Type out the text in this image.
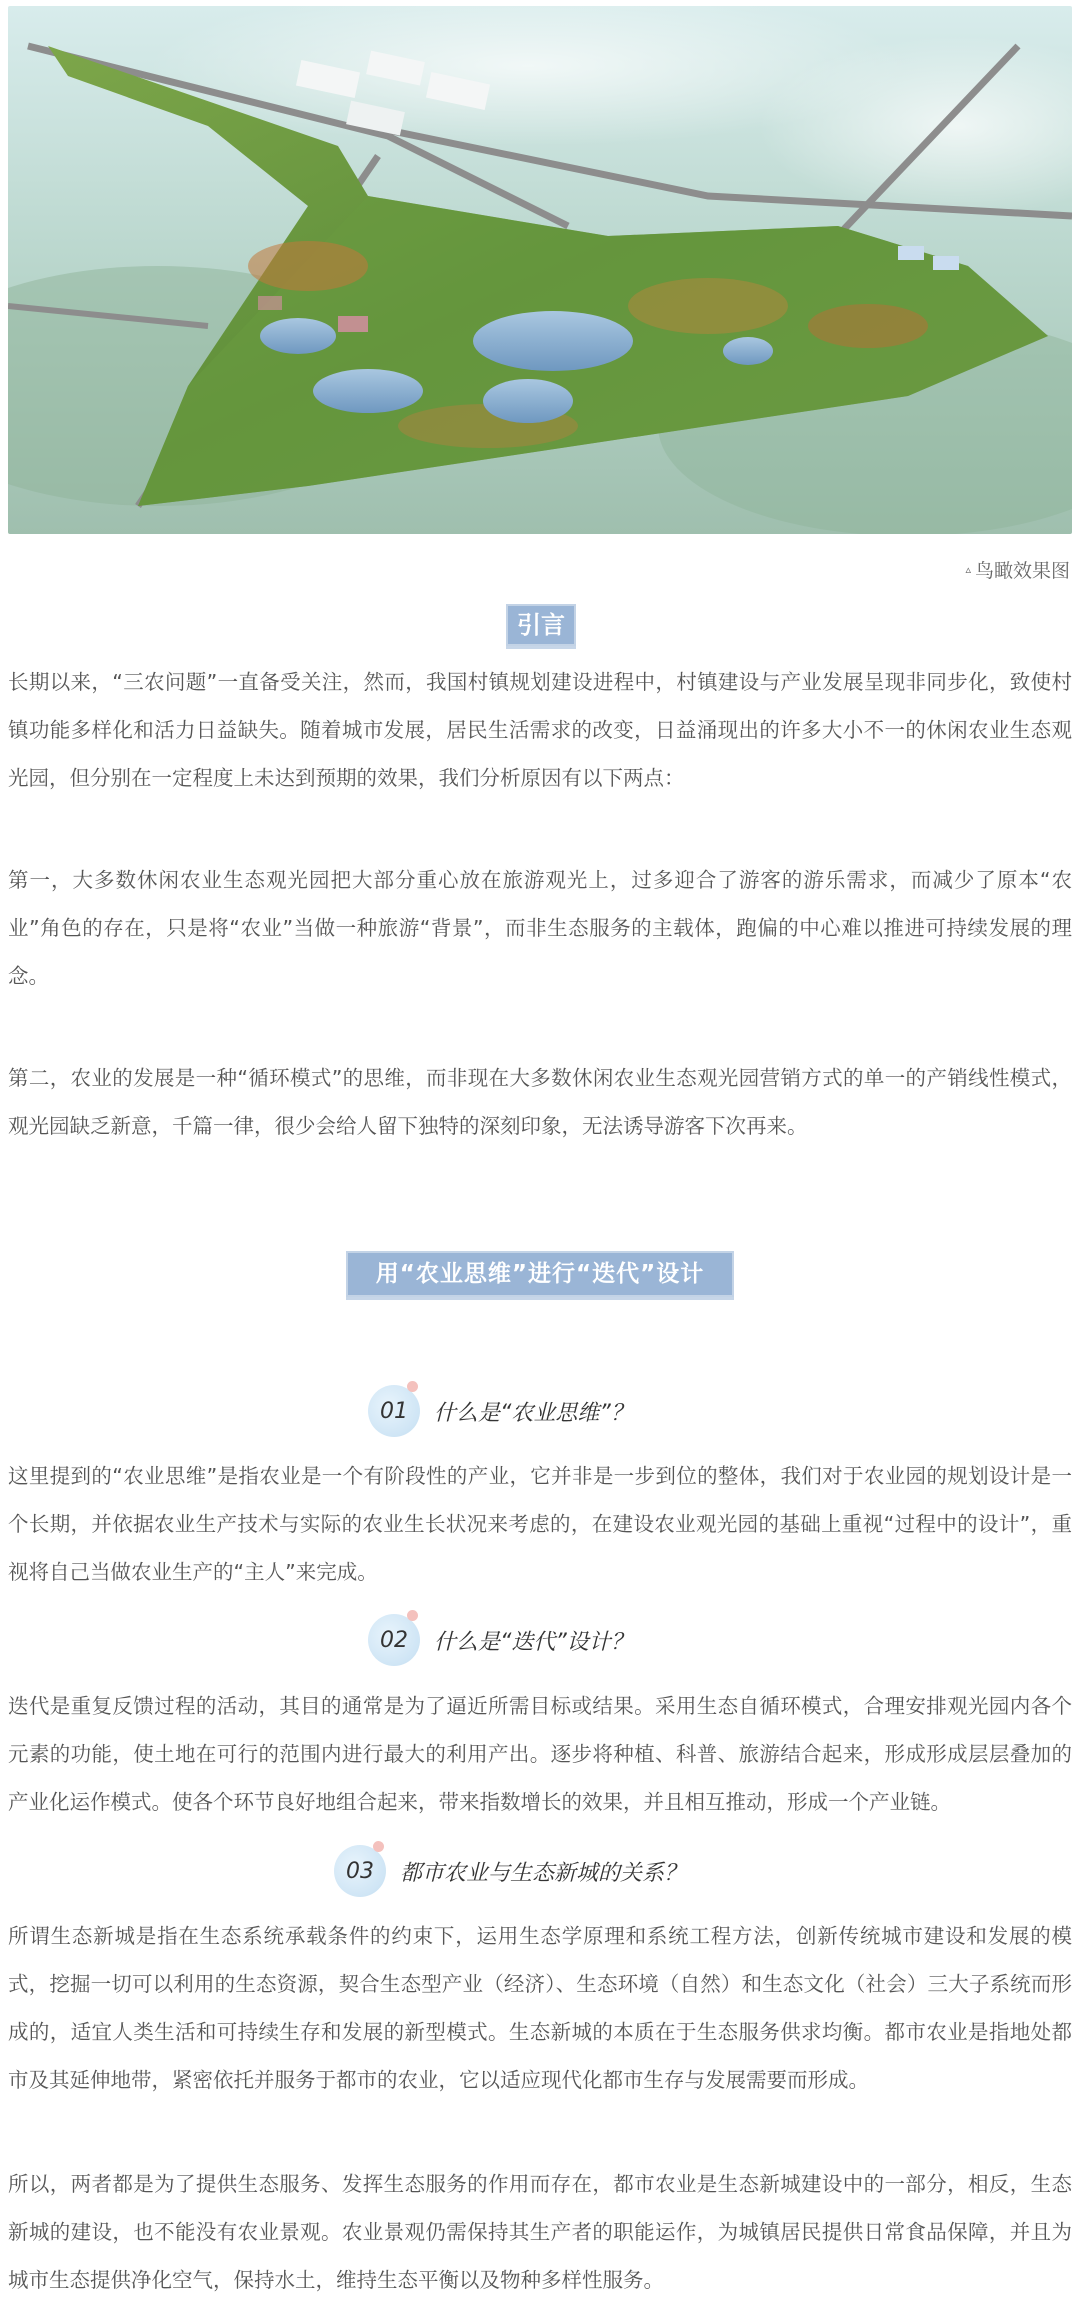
▵ 鸟瞰效果图
引言

长期以来，“三农问题”一直备受关注，然而，我国村镇规划建设进程中，村镇建设与产业发展呈现非同步化，致使村镇功能多样化和活力日益缺失。随着城市发展，居民生活需求的改变，日益涌现出的许多大小不一的休闲农业生态观光园，但分别在一定程度上未达到预期的效果，我们分析原因有以下两点：

第一，大多数休闲农业生态观光园把大部分重心放在旅游观光上，过多迎合了游客的游乐需求，而减少了原本“农业”角色的存在，只是将“农业”当做一种旅游“背景”，而非生态服务的主载体，跑偏的中心难以推进可持续发展的理念。

第二，农业的发展是一种“循环模式”的思维，而非现在大多数休闲农业生态观光园营销方式的单一的产销线性模式，观光园缺乏新意，千篇一律，很少会给人留下独特的深刻印象，无法诱导游客下次再来。

用“农业思维”进行“迭代”设计
01 什么是“农业思维”？

这里提到的“农业思维”是指农业是一个有阶段性的产业，它并非是一步到位的整体，我们对于农业园的规划设计是一个长期，并依据农业生产技术与实际的农业生长状况来考虑的，在建设农业观光园的基础上重视“过程中的设计”，重视将自己当做农业生产的“主人”来完成。

02 什么是“迭代”设计？

迭代是重复反馈过程的活动，其目的通常是为了逼近所需目标或结果。采用生态自循环模式，合理安排观光园内各个元素的功能，使土地在可行的范围内进行最大的利用产出。逐步将种植、科普、旅游结合起来，形成形成层层叠加的产业化运作模式。使各个环节良好地组合起来，带来指数增长的效果，并且相互推动，形成一个产业链。

03 都市农业与生态新城的关系？

所谓生态新城是指在生态系统承载条件的约束下，运用生态学原理和系统工程方法，创新传统城市建设和发展的模式，挖掘一切可以利用的生态资源，契合生态型产业（经济）、生态环境（自然）和生态文化（社会）三大子系统而形成的，适宜人类生活和可持续生存和发展的新型模式。生态新城的本质在于生态服务供求均衡。都市农业是指地处都市及其延伸地带，紧密依托并服务于都市的农业，它以适应现代化都市生存与发展需要而形成。

所以，两者都是为了提供生态服务、发挥生态服务的作用而存在，都市农业是生态新城建设中的一部分，相反，生态新城的建设，也不能没有农业景观。农业景观仍需保持其生产者的职能运作，为城镇居民提供日常食品保障，并且为城市生态提供净化空气，保持水土，维持生态平衡以及物种多样性服务。
